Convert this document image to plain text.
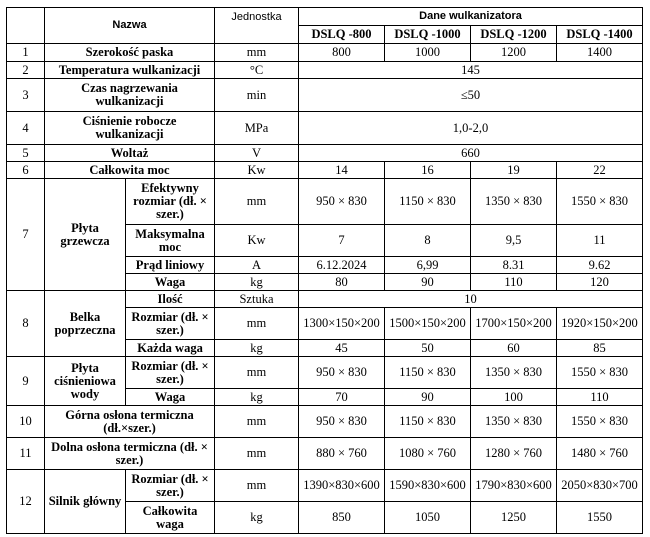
	Nazwa		Jednostka	Dane wulkanizatora			
				DSLQ -800	DSLQ -1000	DSLQ -1200	DSLQ -1400
1	Szerokość paska		mm	800	1000	1200	1400
2	Temperatura wulkanizacji		°C	145			
3	Czas nagrzewania wulkanizacji		min	≤50			
4	Ciśnienie robocze wulkanizacji		MPa	1,0-2,0			
5	Woltaż		V	660			
6	Całkowita moc		Kw	14	16	19	22
7	Płyta grzewcza	Efektywny rozmiar (dł. × szer.)	mm	950 × 830	1150 × 830	1350 × 830	1550 × 830
		Maksymalna moc	Kw	7	8	9,5	11
		Prąd liniowy	A	6.12.2024	6,99	8.31	9.62
		Waga	kg	80	90	110	120
8	Belka poprzeczna	Ilość	Sztuka	10			
		Rozmiar (dł. × szer.)	mm	1300×150×200	1500×150×200	1700×150×200	1920×150×200
		Każda waga	kg	45	50	60	85
9	Płyta ciśnieniowa wody	Rozmiar (dł. × szer.)	mm	950 × 830	1150 × 830	1350 × 830	1550 × 830
		Waga	kg	70	90	100	110
10	Górna osłona termiczna (dł.×szer.)		mm	950 × 830	1150 × 830	1350 × 830	1550 × 830
11	Dolna osłona termiczna (dł. × szer.)		mm	880 × 760	1080 × 760	1280 × 760	1480 × 760
12	Silnik główny	Rozmiar (dł. × szer.)	mm	1390×830×600	1590×830×600	1790×830×600	2050×830×700
		Całkowita waga	kg	850	1050	1250	1550
